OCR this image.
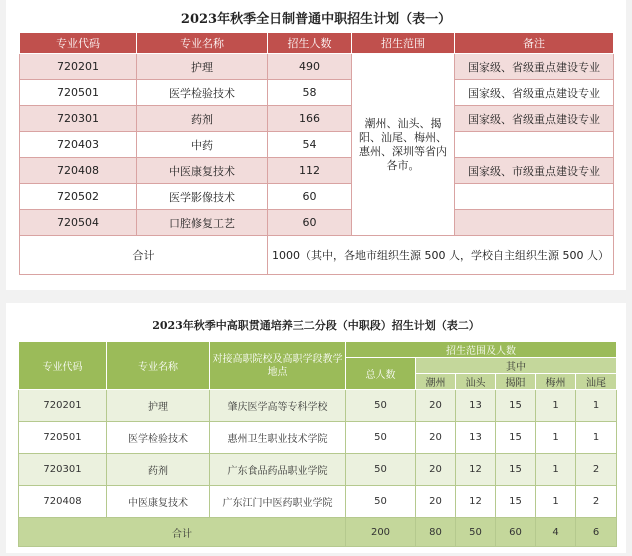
2023年秋季全日制普通中职招生计划（表一）
专业代码	专业名称	招生人数	招生范围	备注
720201	护理	490	潮州、汕头、揭阳、汕尾、梅州、惠州、深圳等省内各市。	国家级、省级重点建设专业
720501	医学检验技术	58		国家级、省级重点建设专业
720301	药剂	166		国家级、省级重点建设专业
720403	中药	54		
720408	中医康复技术	112		国家级、市级重点建设专业
720502	医学影像技术	60		
720504	口腔修复工艺	60		
合计		1000（其中，各地市组织生源 500 人，学校自主组织生源 500 人）		
2023年秋季中高职贯通培养三二分段（中职段）招生计划（表二）
专业代码	专业名称	对接高职院校及高职学段教学地点	招生范围及人数					
			总人数	其中				
				潮州	汕头	揭阳	梅州	汕尾
720201	护理	肇庆医学高等专科学校	50	20	13	15	1	1
720501	医学检验技术	惠州卫生职业技术学院	50	20	13	15	1	1
720301	药剂	广东食品药品职业学院	50	20	12	15	1	2
720408	中医康复技术	广东江门中医药职业学院	50	20	12	15	1	2
合计			200	80	50	60	4	6
